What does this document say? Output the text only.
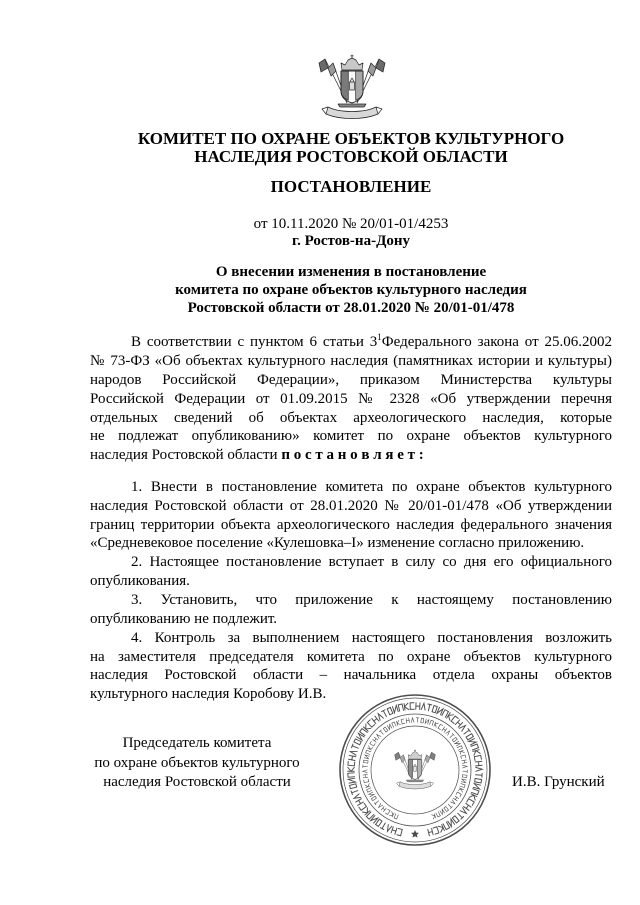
КОМИТЕТ ПО ОХРАНЕ ОБЪЕКТОВ КУЛЬТУРНОГО
НАСЛЕДИЯ РОСТОВСКОЙ ОБЛАСТИ
ПОСТАНОВЛЕНИЕ
от 10.11.2020 № 20/01-01/4253
г. Ростов-на-Дону
О внесении изменения в постановление
комитета по охране объектов культурного наследия
Ростовской области от 28.01.2020 № 20/01-01/478
В соответствии с пунктом 6 статьи 3$^1$Федерального закона от 25.06.2002
№ 73-ФЗ «Об объектах культурного наследия (памятниках истории и культуры)
народов Российской Федерации», приказом Министерства культуры
Российской Федерации от 01.09.2015 № 2328 «Об утверждении перечня
отдельных сведений об объектах археологического наследия, которые
не подлежат опубликованию» комитет по охране объектов культурного
наследия Ростовской области п о с т а н о в л я е т :
1. Внести в постановление комитета по охране объектов культурного
наследия Ростовской области от 28.01.2020 № 20/01-01/478 «Об утверждении
границ территории объекта археологического наследия федерального значения
«Средневековое поселение «Кулешовка–I» изменение согласно приложению.
2. Настоящее постановление вступает в силу со дня его официального
опубликования.
3. Установить, что приложение к настоящему постановлению
опубликованию не подлежит.
4. Контроль за выполнением настоящего постановления возложить
на заместителя председателя комитета по охране объектов культурного
наследия Ростовской области – начальника отдела охраны объектов
культурного наследия Коробову И.В.
Председатель комитета
по охране объектов культурного
наследия Ростовской области	И.В. Грунский
